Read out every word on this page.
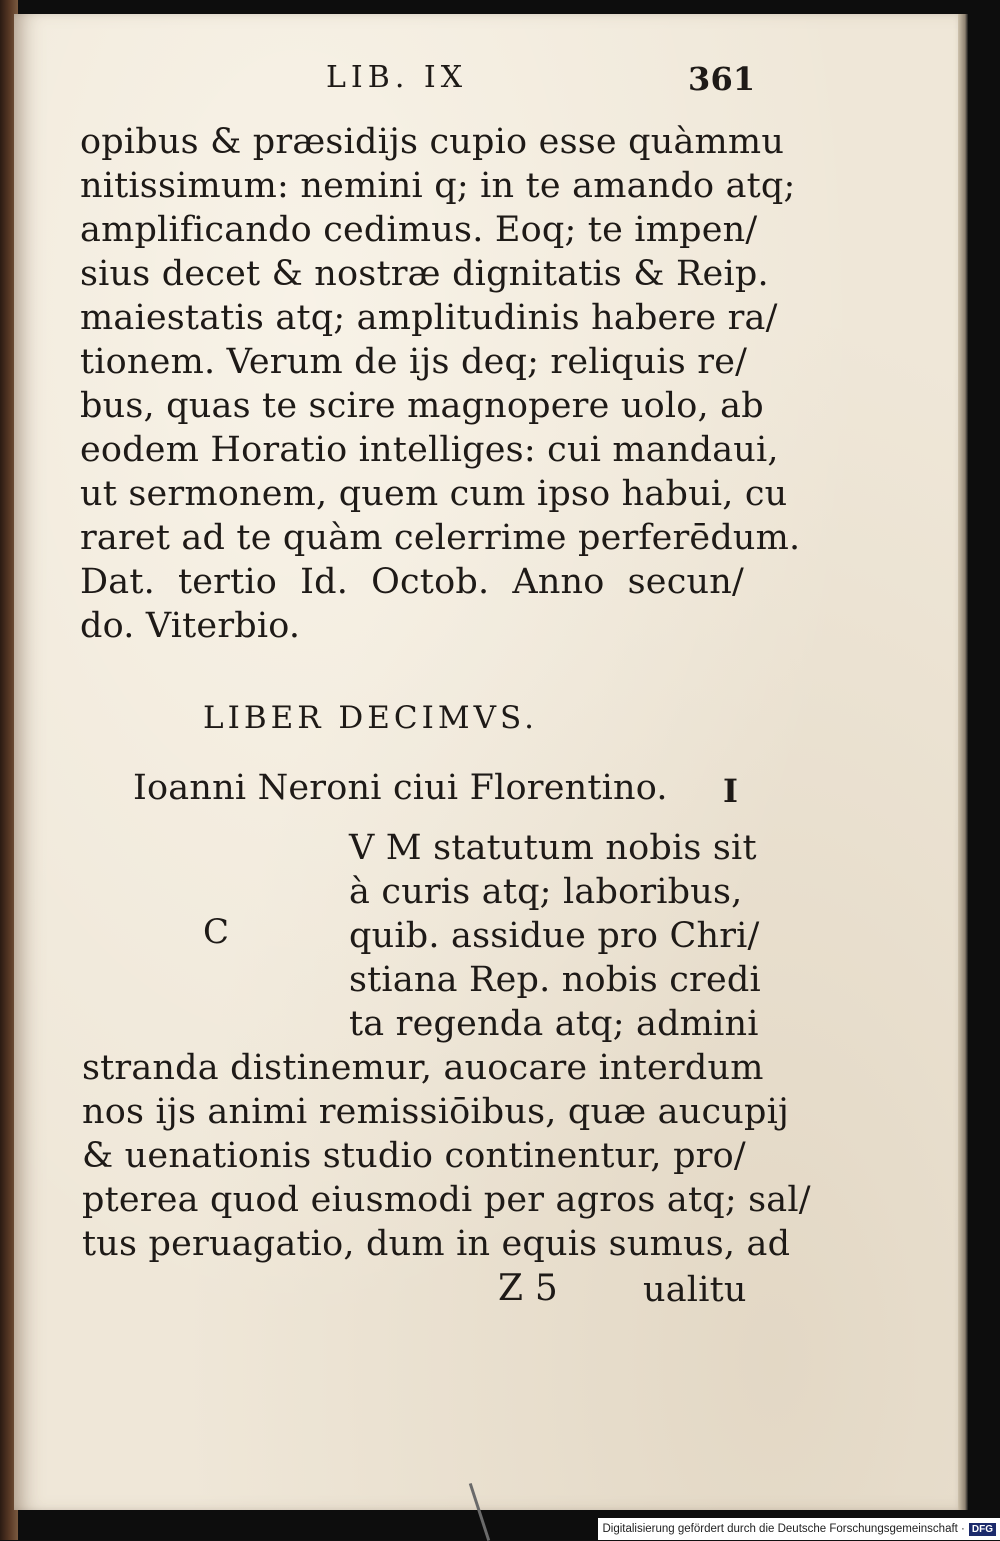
LIB. IX	361
opibus & præsidijs cupio esse quàmmu
nitissimum: nemini q; in te amando atq;
amplificando cedimus. Eoq; te impen/
sius decet & nostræ dignitatis & Reip.
maiestatis atq; amplitudinis habere ra/
tionem. Verum de ijs deq; reliquis re/
bus, quas te scire magnopere uolo, ab
eodem Horatio intelliges: cui mandaui,
ut sermonem, quem cum ipso habui, cu
raret ad te quàm celerrime perferēdum.
Dat. tertio Id. Octob. Anno secun/
do. Viterbio.
LIBER DECIMVS.
Ioanni Neroni ciui Florentino. I
C
V M statutum nobis sit
à curis atq; laboribus,
quib. assidue pro Chri/
stiana Rep. nobis credi
ta regenda atq; admini
stranda distinemur, auocare interdum
nos ijs animi remissiōibus, quæ aucupij
& uenationis studio continentur, pro/
pterea quod eiusmodi per agros atq; sal/
tus peruagatio, dum in equis sumus, ad
Z 5 ualitu
Digitalisierung gefördert durch die Deutsche Forschungsgemeinschaft · DFG
